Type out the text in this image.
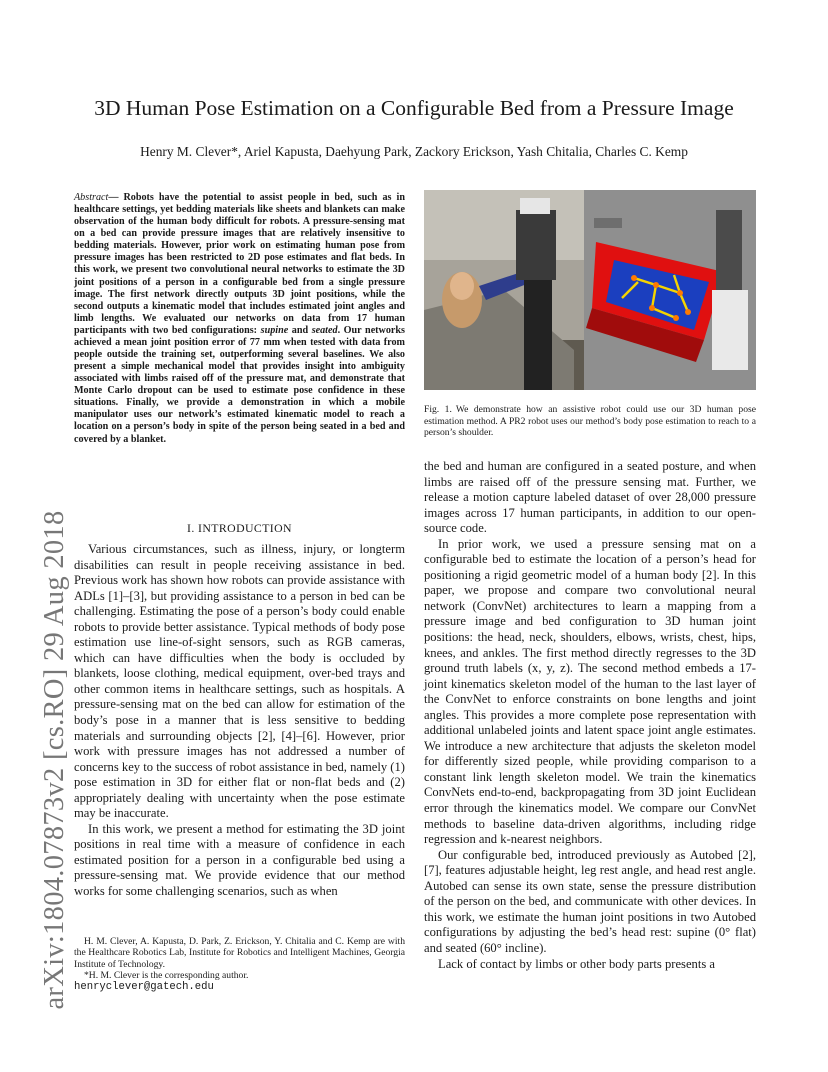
3D Human Pose Estimation on a Configurable Bed from a Pressure Image
Henry M. Clever*, Ariel Kapusta, Daehyung Park, Zackory Erickson, Yash Chitalia, Charles C. Kemp
arXiv:1804.07873v2 [cs.RO] 29 Aug 2018
Abstract— Robots have the potential to assist people in bed, such as in healthcare settings, yet bedding materials like sheets and blankets can make observation of the human body difficult for robots. A pressure-sensing mat on a bed can provide pressure images that are relatively insensitive to bedding materials. However, prior work on estimating human pose from pressure images has been restricted to 2D pose estimates and flat beds. In this work, we present two convolutional neural networks to estimate the 3D joint positions of a person in a configurable bed from a single pressure image. The first network directly outputs 3D joint positions, while the second outputs a kinematic model that includes estimated joint angles and limb lengths. We evaluated our networks on data from 17 human participants with two bed configurations: supine and seated. Our networks achieved a mean joint position error of 77 mm when tested with data from people outside the training set, outperforming several baselines. We also present a simple mechanical model that provides insight into ambiguity associated with limbs raised off of the pressure mat, and demonstrate that Monte Carlo dropout can be used to estimate pose confidence in these situations. Finally, we provide a demonstration in which a mobile manipulator uses our network’s estimated kinematic model to reach a location on a person’s body in spite of the person being seated in a bed and covered by a blanket.
I. INTRODUCTION

Various circumstances, such as illness, injury, or longterm disabilities can result in people receiving assistance in bed. Previous work has shown how robots can provide assistance with ADLs [1]–[3], but providing assistance to a person in bed can be challenging. Estimating the pose of a person’s body could enable robots to provide better assistance. Typical methods of body pose estimation use line-of-sight sensors, such as RGB cameras, which can have difficulties when the body is occluded by blankets, loose clothing, medical equipment, over-bed trays and other common items in healthcare settings, such as hospitals. A pressure-sensing mat on the bed can allow for estimation of the body’s pose in a manner that is less sensitive to bedding materials and surrounding objects [2], [4]–[6]. However, prior work with pressure images has not addressed a number of concerns key to the success of robot assistance in bed, namely (1) pose estimation in 3D for either flat or non-flat beds and (2) appropriately dealing with uncertainty when the pose estimate may be inaccurate.

In this work, we present a method for estimating the 3D joint positions in real time with a measure of confidence in each estimated position for a person in a configurable bed using a pressure-sensing mat. We provide evidence that our method works for some challenging scenarios, such as when

H. M. Clever, A. Kapusta, D. Park, Z. Erickson, Y. Chitalia and C. Kemp are with the Healthcare Robotics Lab, Institute for Robotics and Intelligent Machines, Georgia Institute of Technology.

*H. M. Clever is the corresponding author.

henryclever@gatech.edu
Fig. 1. We demonstrate how an assistive robot could use our 3D human pose estimation method. A PR2 robot uses our method’s body pose estimation to reach to a person’s shoulder.

the bed and human are configured in a seated posture, and when limbs are raised off of the pressure sensing mat. Further, we release a motion capture labeled dataset of over 28,000 pressure images across 17 human participants, in addition to our open-source code.

In prior work, we used a pressure sensing mat on a configurable bed to estimate the location of a person’s head for positioning a rigid geometric model of a human body [2]. In this paper, we propose and compare two convolutional neural network (ConvNet) architectures to learn a mapping from a pressure image and bed configuration to 3D human joint positions: the head, neck, shoulders, elbows, wrists, chest, hips, knees, and ankles. The first method directly regresses to the 3D ground truth labels (x, y, z). The second method embeds a 17-joint kinematics skeleton model of the human to the last layer of the ConvNet to enforce constraints on bone lengths and joint angles. This provides a more complete pose representation with additional unlabeled joints and latent space joint angle estimates. We introduce a new architecture that adjusts the skeleton model for differently sized people, while providing comparison to a constant link length skeleton model. We train the kinematics ConvNets end-to-end, backpropagating from 3D joint Euclidean error through the kinematics model. We compare our ConvNet methods to baseline data-driven algorithms, including ridge regression and k-nearest neighbors.

Our configurable bed, introduced previously as Autobed [2], [7], features adjustable height, leg rest angle, and head rest angle. Autobed can sense its own state, sense the pressure distribution of the person on the bed, and communicate with other devices. In this work, we estimate the human joint positions in two Autobed configurations by adjusting the bed’s head rest: supine (0° flat) and seated (60° incline).

Lack of contact by limbs or other body parts presents a
